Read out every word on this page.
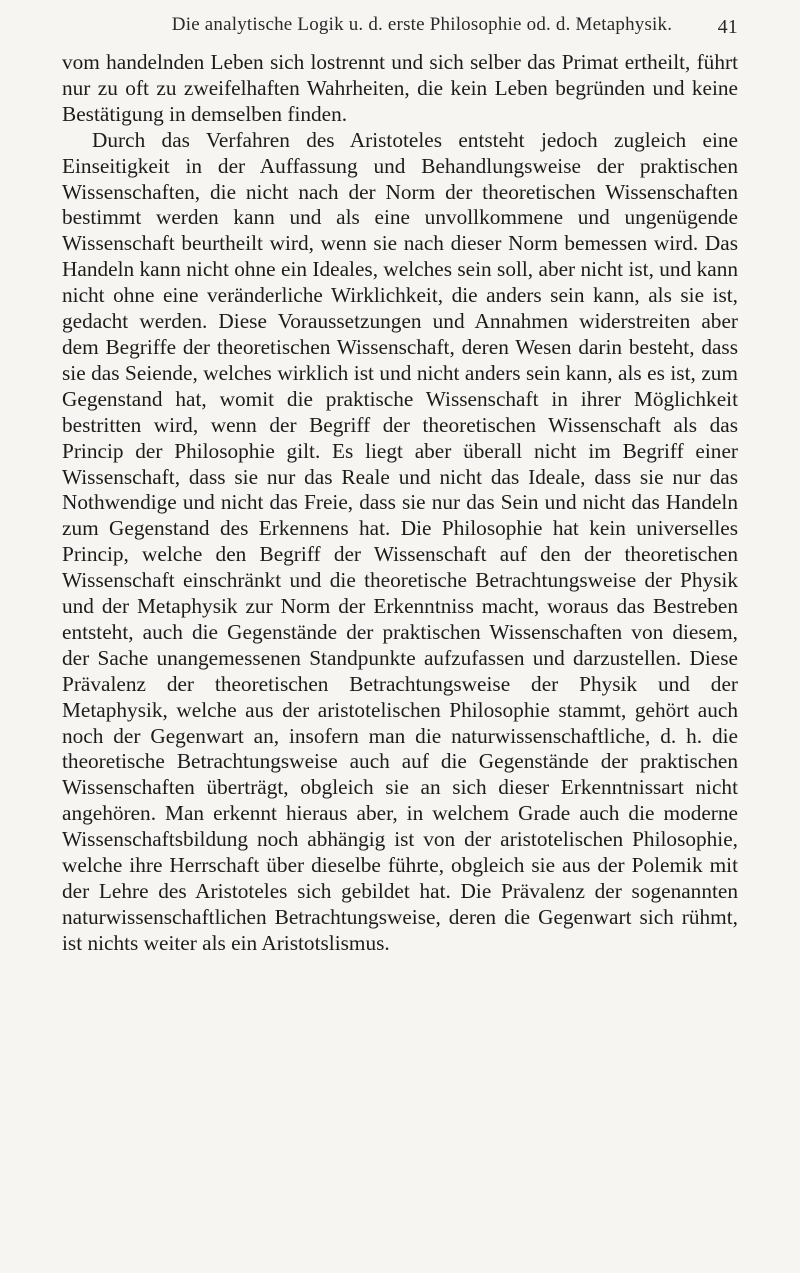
Die analytische Logik u. d. erste Philosophie od. d. Metaphysik. 41

vom handelnden Leben sich lostrennt und sich selber das Primat ertheilt, führt nur zu oft zu zweifelhaften Wahrheiten, die kein Leben begründen und keine Bestätigung in demselben finden.

Durch das Verfahren des Aristoteles entsteht jedoch zugleich eine Einseitigkeit in der Auffassung und Behandlungsweise der praktischen Wissenschaften, die nicht nach der Norm der theoretischen Wissenschaften bestimmt werden kann und als eine unvollkommene und ungenügende Wissenschaft beurtheilt wird, wenn sie nach dieser Norm bemessen wird. Das Handeln kann nicht ohne ein Ideales, welches sein soll, aber nicht ist, und kann nicht ohne eine veränderliche Wirklichkeit, die anders sein kann, als sie ist, gedacht werden. Diese Voraussetzungen und Annahmen widerstreiten aber dem Begriffe der theoretischen Wissenschaft, deren Wesen darin besteht, dass sie das Seiende, welches wirklich ist und nicht anders sein kann, als es ist, zum Gegenstand hat, womit die praktische Wissenschaft in ihrer Möglichkeit bestritten wird, wenn der Begriff der theoretischen Wissenschaft als das Princip der Philosophie gilt. Es liegt aber überall nicht im Begriff einer Wissenschaft, dass sie nur das Reale und nicht das Ideale, dass sie nur das Nothwendige und nicht das Freie, dass sie nur das Sein und nicht das Handeln zum Gegenstand des Erkennens hat. Die Philosophie hat kein universelles Princip, welche den Begriff der Wissenschaft auf den der theoretischen Wissenschaft einschränkt und die theoretische Betrachtungsweise der Physik und der Metaphysik zur Norm der Erkenntniss macht, woraus das Bestreben entsteht, auch die Gegenstände der praktischen Wissenschaften von diesem, der Sache unangemessenen Standpunkte aufzufassen und darzustellen. Diese Prävalenz der theoretischen Betrachtungsweise der Physik und der Metaphysik, welche aus der aristotelischen Philosophie stammt, gehört auch noch der Gegenwart an, insofern man die naturwissenschaftliche, d. h. die theoretische Betrachtungsweise auch auf die Gegenstände der praktischen Wissenschaften überträgt, obgleich sie an sich dieser Erkenntnissart nicht angehören. Man erkennt hieraus aber, in welchem Grade auch die moderne Wissenschaftsbildung noch abhängig ist von der aristotelischen Philosophie, welche ihre Herrschaft über dieselbe führte, obgleich sie aus der Polemik mit der Lehre des Aristoteles sich gebildet hat. Die Prävalenz der sogenannten naturwissenschaftlichen Betrachtungsweise, deren die Gegenwart sich rühmt, ist nichts weiter als ein Aristotslismus.
